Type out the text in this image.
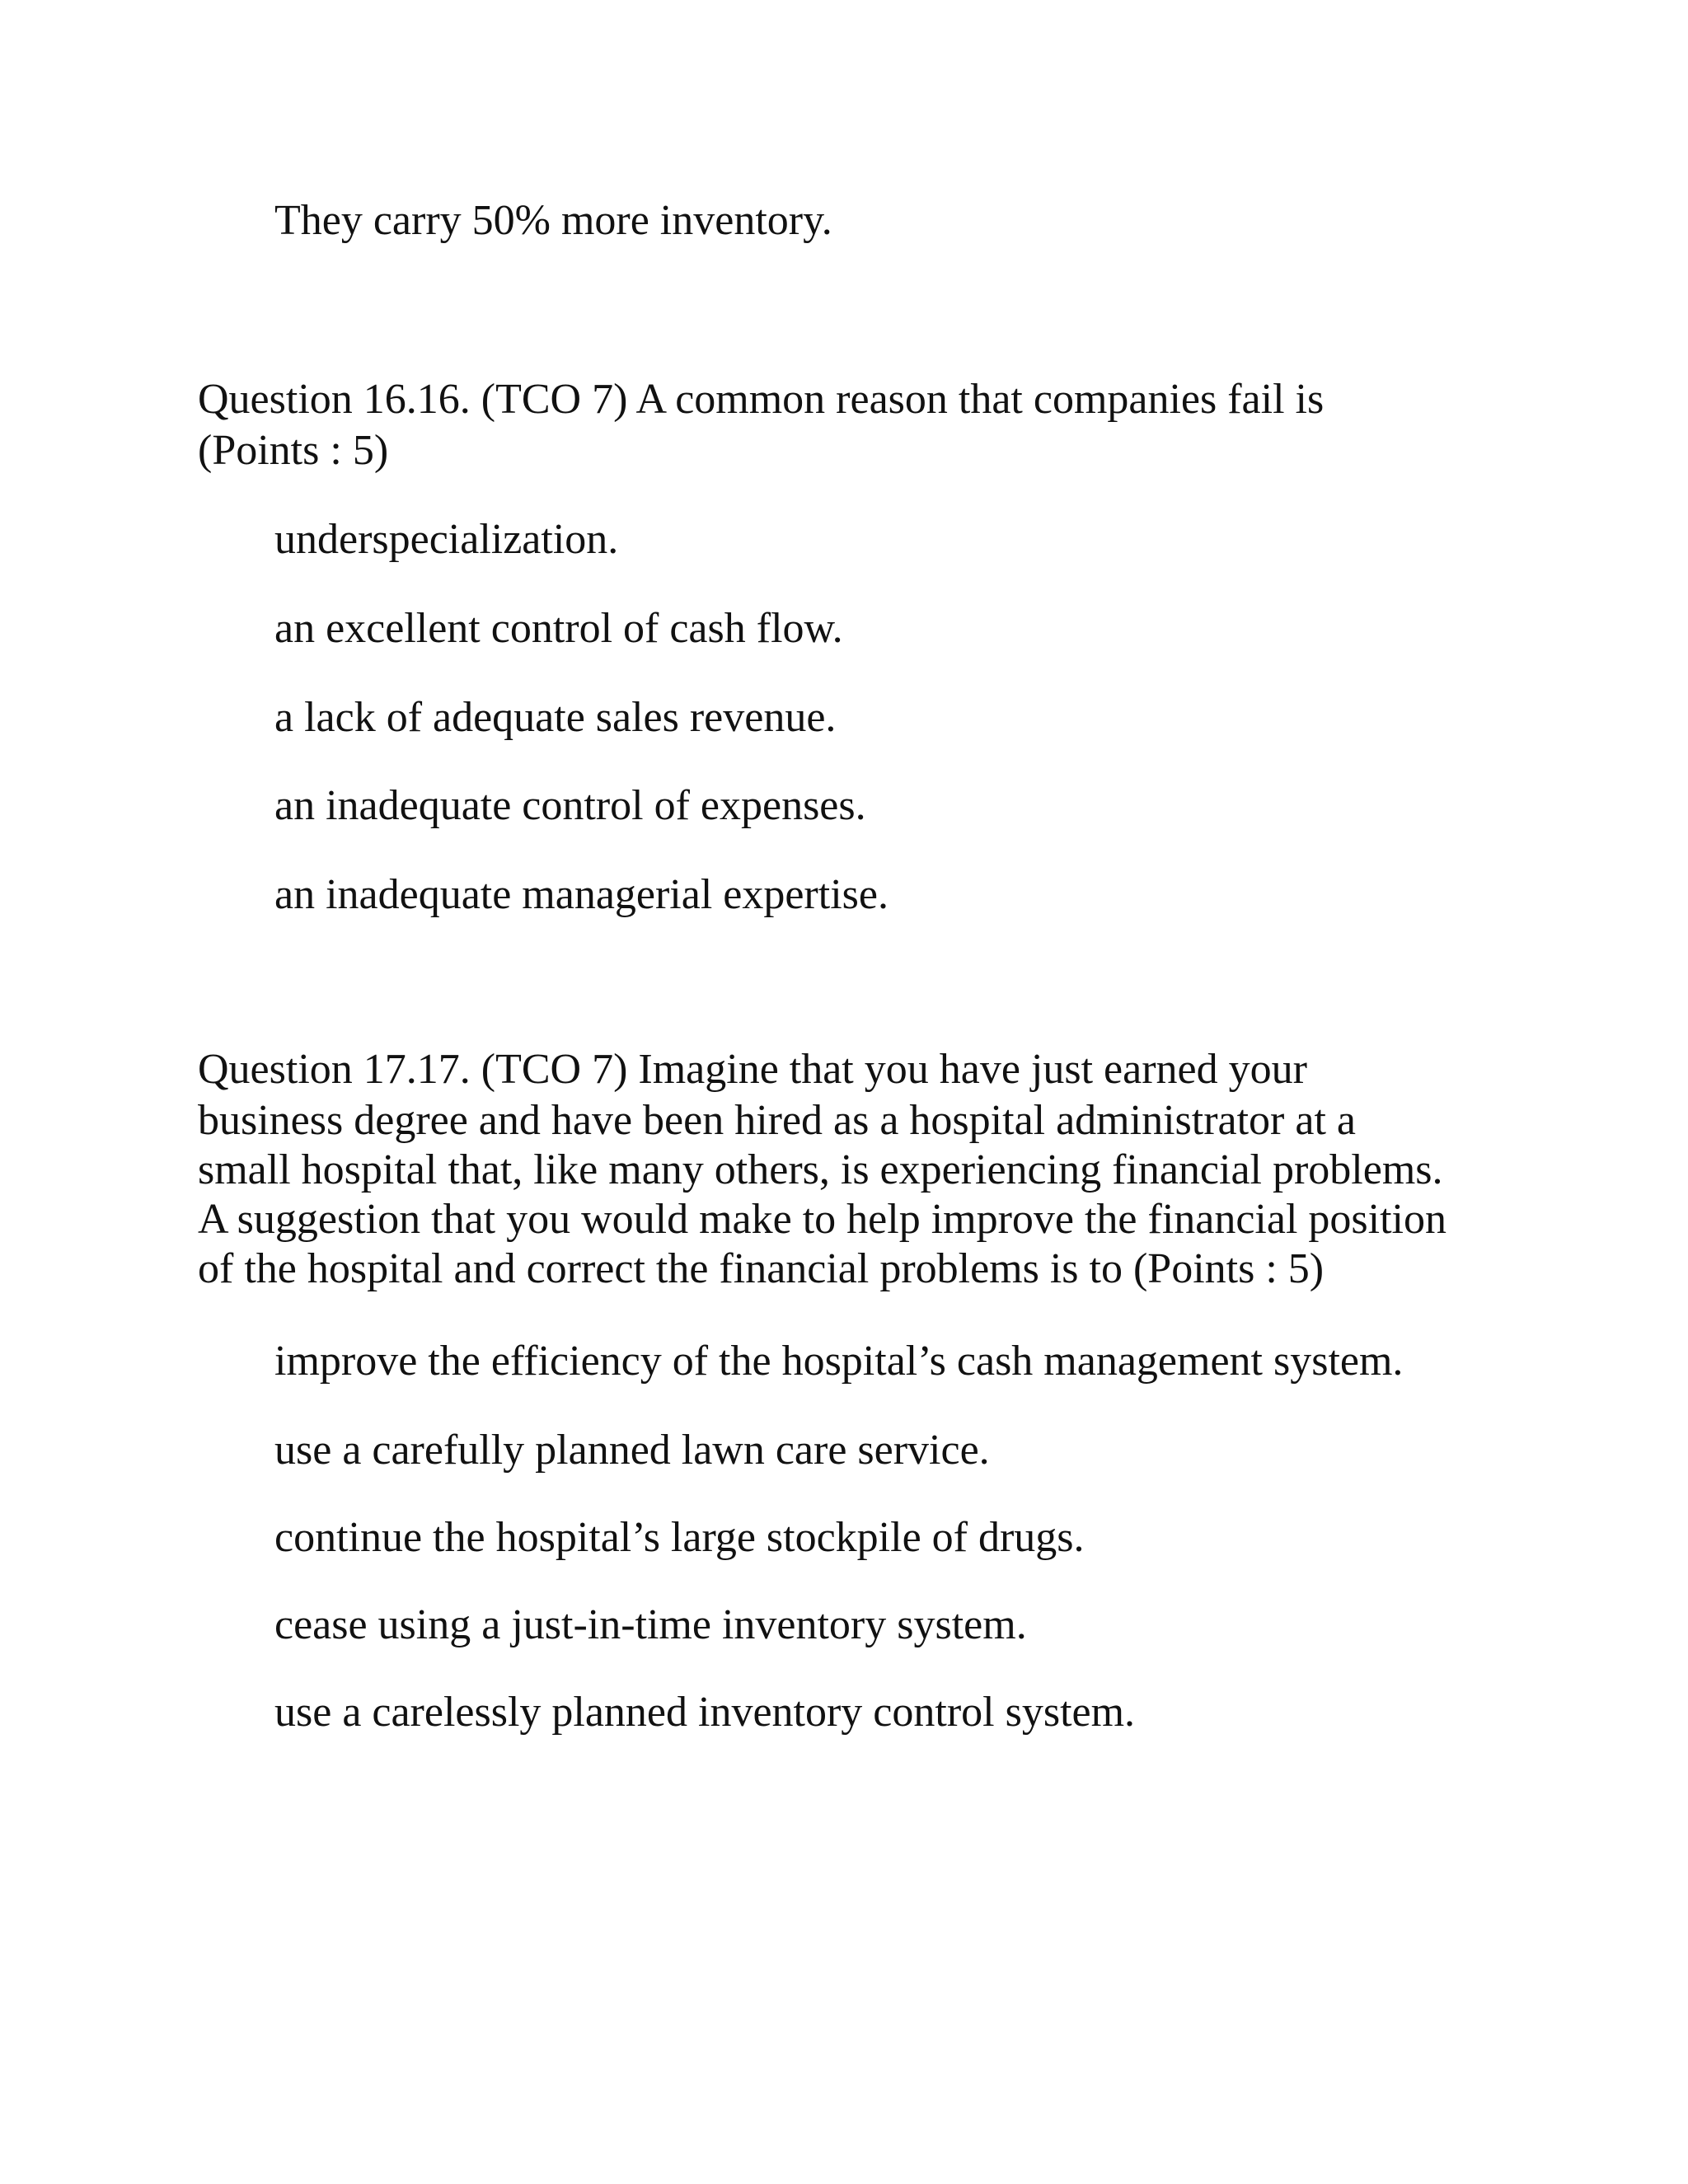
They carry 50% more inventory.
Question 16.16. (TCO 7) A common reason that companies fail is
(Points : 5)
underspecialization.
an excellent control of cash flow.
a lack of adequate sales revenue.
an inadequate control of expenses.
an inadequate managerial expertise.
Question 17.17. (TCO 7) Imagine that you have just earned your
business degree and have been hired as a hospital administrator at a
small hospital that, like many others, is experiencing financial problems.
A suggestion that you would make to help improve the financial position
of the hospital and correct the financial problems is to (Points : 5)
improve the efficiency of the hospital’s cash management system.
use a carefully planned lawn care service.
continue the hospital’s large stockpile of drugs.
cease using a just-in-time inventory system.
use a carelessly planned inventory control system.
